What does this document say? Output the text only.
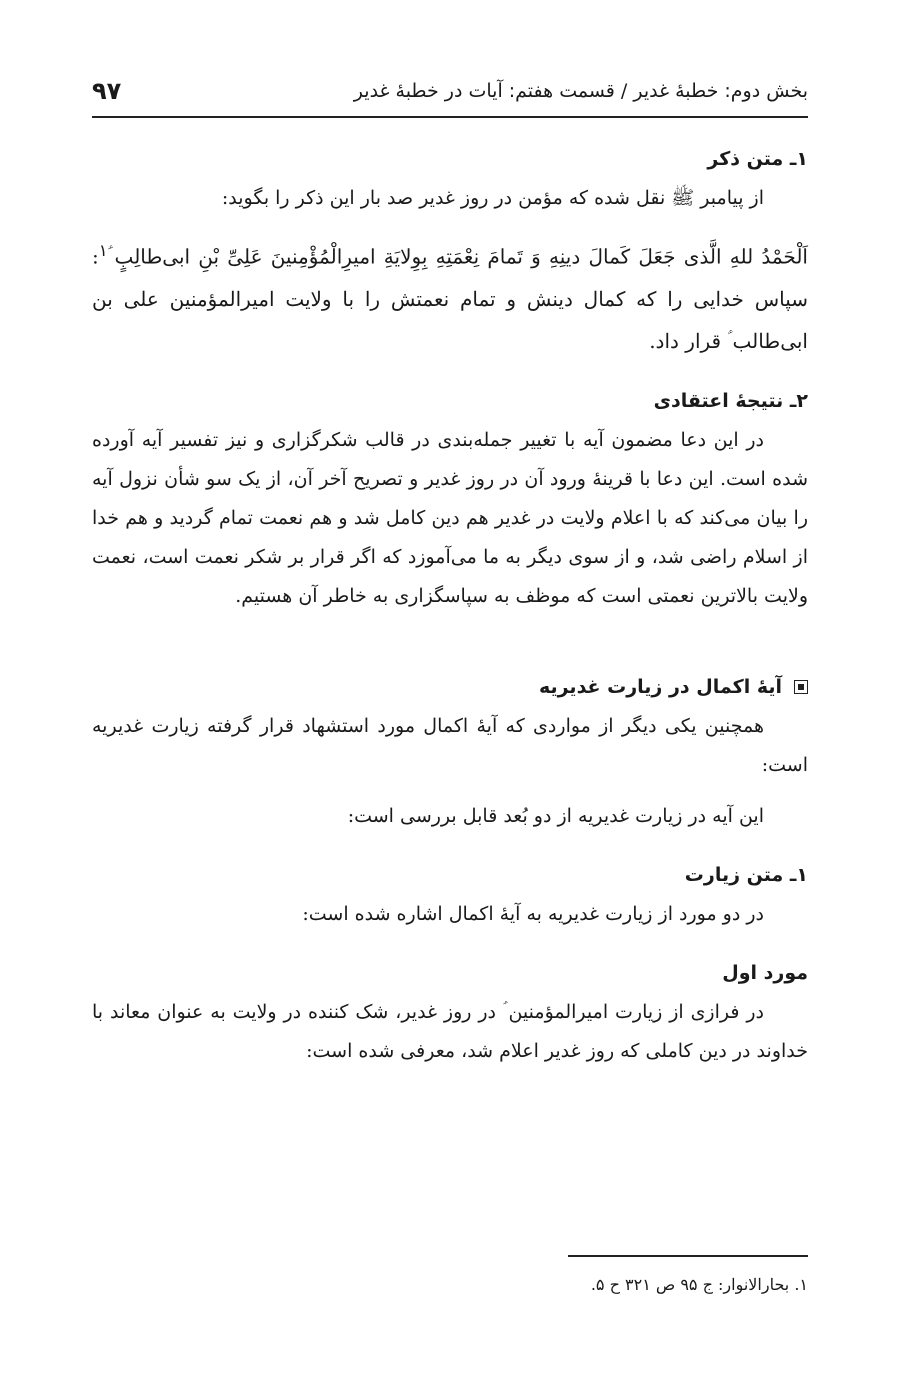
بخش دوم: خطبهٔ غدیر / قسمت هفتم: آیات در خطبهٔ غدیر
۹۷

۱ـ متن ذکر

از پیامبر ﷺ نقل شده که مؤمن در روز غدیر صد بار این ذکر را بگوید:

اَلْحَمْدُ للهِ الَّذی جَعَلَ کَمالَ دینِهِ وَ تَمامَ نِعْمَتِهِ بِوِلایَةِ امیرِالْمُؤْمِنینَ عَلِیِّ بْنِ ابی‌طالِبٍ ؑ$^۱$: سپاس خدایی را که کمال دینش و تمام نعمتش را با ولایت امیرالمؤمنین علی بن ابی‌طالب ؑ قرار داد.

۲ـ نتیجهٔ اعتقادی

در این دعا مضمون آیه با تغییر جمله‌بندی در قالب شکرگزاری و نیز تفسیر آیه آورده شده است. این دعا با قرینهٔ ورود آن در روز غدیر و تصریح آخر آن، از یک سو شأن نزول آیه را بیان می‌کند که با اعلام ولایت در غدیر هم دین کامل شد و هم نعمت تمام گردید و هم خدا از اسلام راضی شد، و از سوی دیگر به ما می‌آموزد که اگر قرار بر شکر نعمت است، نعمت ولایت بالاترین نعمتی است که موظف به سپاسگزاری به خاطر آن هستیم.

آیهٔ اکمال در زیارت غدیریه

همچنین یکی دیگر از مواردی که آیهٔ اکمال مورد استشهاد قرار گرفته زیارت غدیریه است:

این آیه در زیارت غدیریه از دو بُعد قابل بررسی است:

۱ـ متن زیارت

در دو مورد از زیارت غدیریه به آیهٔ اکمال اشاره شده است:

مورد اول

در فرازی از زیارت امیرالمؤمنین ؑ در روز غدیر، شک کننده در ولایت به عنوان معاند با خداوند در دین کاملی که روز غدیر اعلام شد، معرفی شده است:

۱. بحارالانوار: ج ۹۵ ص ۳۲۱ ح ۵.
